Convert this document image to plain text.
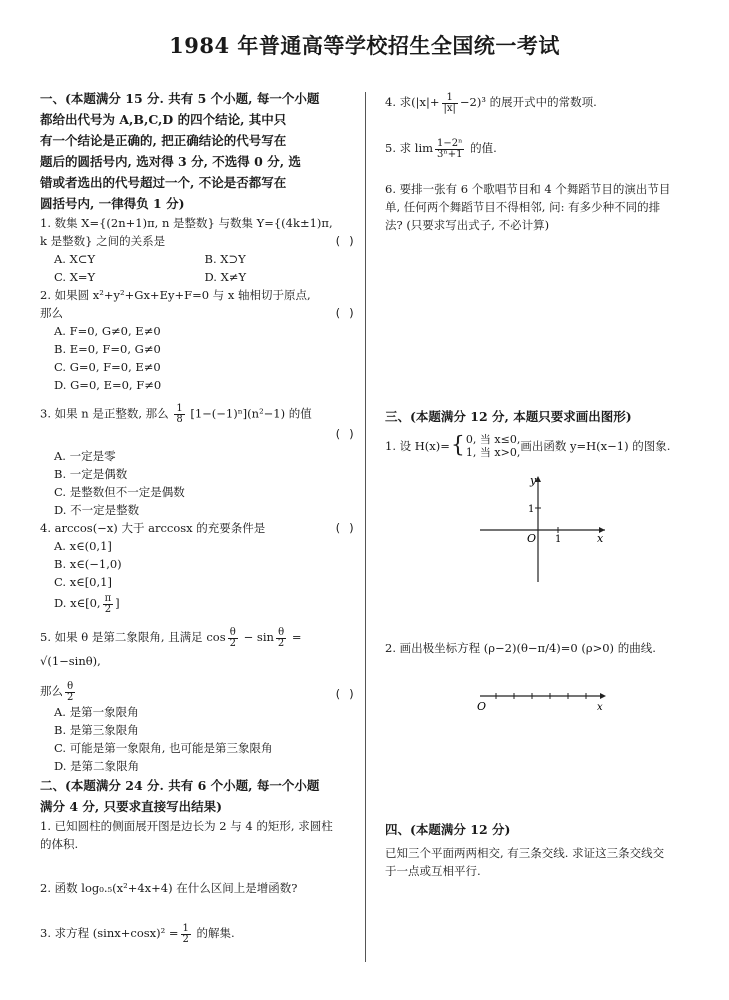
1984 年普通高等学校招生全国统一考试

一、(本题满分 15 分. 共有 5 个小题, 每一个小题

都给出代号为 A,B,C,D 的四个结论, 其中只

有一个结论是正确的, 把正确结论的代号写在

题后的圆括号内, 选对得 3 分, 不选得 0 分, 选

错或者选出的代号超过一个, 不论是否都写在

圆括号内, 一律得负 1 分)

1. 数集 X={(2n+1)π, n 是整数} 与数集 Y={(4k±1)π,

k 是整数} 之间的关系是	( )

A. X⊂Y	B. X⊃Y
C. X=Y	D. X≠Y

2. 如果圆 x²+y²+Gx+Ey+F=0 与 x 轴相切于原点,

那么	( )

A. F=0, G≠0, E≠0

B. E=0, F=0, G≠0

C. G=0, F=0, E≠0

D. G=0, E=0, F≠0

3. 如果 n 是正整数, 那么 $\frac{1}{8} [1-(-1)^n](n^2-1)$ 的值

( )

A. 一定是零

B. 一定是偶数

C. 是整数但不一定是偶数

D. 不一定是整数

4. arccos(−x) 大于 arccosx 的充要条件是	( )

A. x∈(0,1]

B. x∈(−1,0)

C. x∈[0,1]

D. x∈[0, $\frac{\pi}{2}$ ]

5. 如果 θ 是第二象限角, 且满足 $\cos \frac{\theta}{2} - \sin \frac{\theta}{2} = √(1-\sin\theta)$,

那么 $\frac{\theta}{2}$	( )

A. 是第一象限角

B. 是第三象限角

C. 可能是第一象限角, 也可能是第三象限角

D. 是第二象限角

二、(本题满分 24 分. 共有 6 个小题, 每一个小题

满分 4 分, 只要求直接写出结果)

1. 已知圆柱的侧面展开图是边长为 2 与 4 的矩形, 求圆柱

的体积.

2. 函数 log₀.₅(x²+4x+4) 在什么区间上是增函数?

3. 求方程 $(\sin x+\cos x)^2 = \frac{1}{2}$ 的解集.

4. 求$(|x|+ \frac{1}{|x|} -2)^3$ 的展开式中的常数项.

5. 求 $\lim \frac{\text{1−2ⁿ}}{\text{3ⁿ+1}}$ 的值.

6. 要排一张有 6 个歌唱节目和 4 个舞蹈节目的演出节目

单, 任何两个舞蹈节目不得相邻, 问: 有多少种不同的排

法? (只要求写出式子, 不必计算)

三、(本题满分 12 分, 本题只要求画出图形)

1. 设 H(x)= { 0, 当 x≤0,
1, 当 x>0, 画出函数 y=H(x−1) 的图象.

2. 画出极坐标方程 (ρ−2)(θ−π/4)=0 (ρ>0) 的曲线.

四、(本题满分 12 分)

已知三个平面两两相交, 有三条交线. 求证这三条交线交

于一点或互相平行.

y
x
O 1
1
O	x
